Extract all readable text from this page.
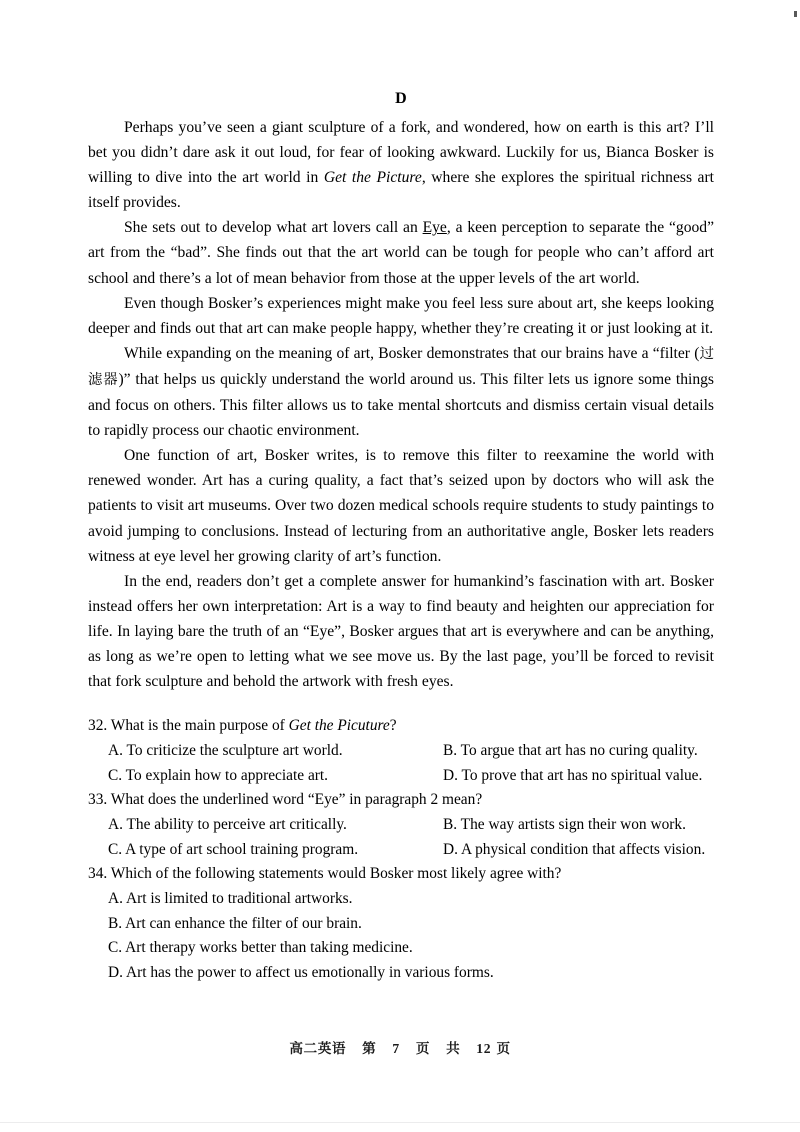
D

Perhaps you’ve seen a giant sculpture of a fork, and wondered, how on earth is this art? I’ll bet you didn’t dare ask it out loud, for fear of looking awkward. Luckily for us, Bianca Bosker is willing to dive into the art world in Get the Picture, where she explores the spiritual richness art itself provides.

She sets out to develop what art lovers call an Eye, a keen perception to separate the “good” art from the “bad”. She finds out that the art world can be tough for people who can’t afford art school and there’s a lot of mean behavior from those at the upper levels of the art world.

Even though Bosker’s experiences might make you feel less sure about art, she keeps looking deeper and finds out that art can make people happy, whether they’re creating it or just looking at it.

While expanding on the meaning of art, Bosker demonstrates that our brains have a “filter (过滤器)” that helps us quickly understand the world around us. This filter lets us ignore some things and focus on others. This filter allows us to take mental shortcuts and dismiss certain visual details to rapidly process our chaotic environment.

One function of art, Bosker writes, is to remove this filter to reexamine the world with renewed wonder. Art has a curing quality, a fact that’s seized upon by doctors who will ask the patients to visit art museums. Over two dozen medical schools require students to study paintings to avoid jumping to conclusions. Instead of lecturing from an authoritative angle, Bosker lets readers witness at eye level her growing clarity of art’s function.

In the end, readers don’t get a complete answer for humankind’s fascination with art. Bosker instead offers her own interpretation: Art is a way to find beauty and heighten our appreciation for life. In laying bare the truth of an “Eye”, Bosker argues that art is everywhere and can be anything, as long as we’re open to letting what we see move us. By the last page, you’ll be forced to revisit that fork sculpture and behold the artwork with fresh eyes.

32. What is the main purpose of Get the Picuture?

A. To criticize the sculpture art world.	B. To argue that art has no curing quality.
C. To explain how to appreciate art.	D. To prove that art has no spiritual value.

33. What does the underlined word “Eye” in paragraph 2 mean?

A. The ability to perceive art critically.	B. The way artists sign their won work.
C. A type of art school training program.	D. A physical condition that affects vision.

34. Which of the following statements would Bosker most likely agree with?

A. Art is limited to traditional artworks.
B. Art can enhance the filter of our brain.
C. Art therapy works better than taking medicine.
D. Art has the power to affect us emotionally in various forms.
高二英语 第 7 页 共 12 页
